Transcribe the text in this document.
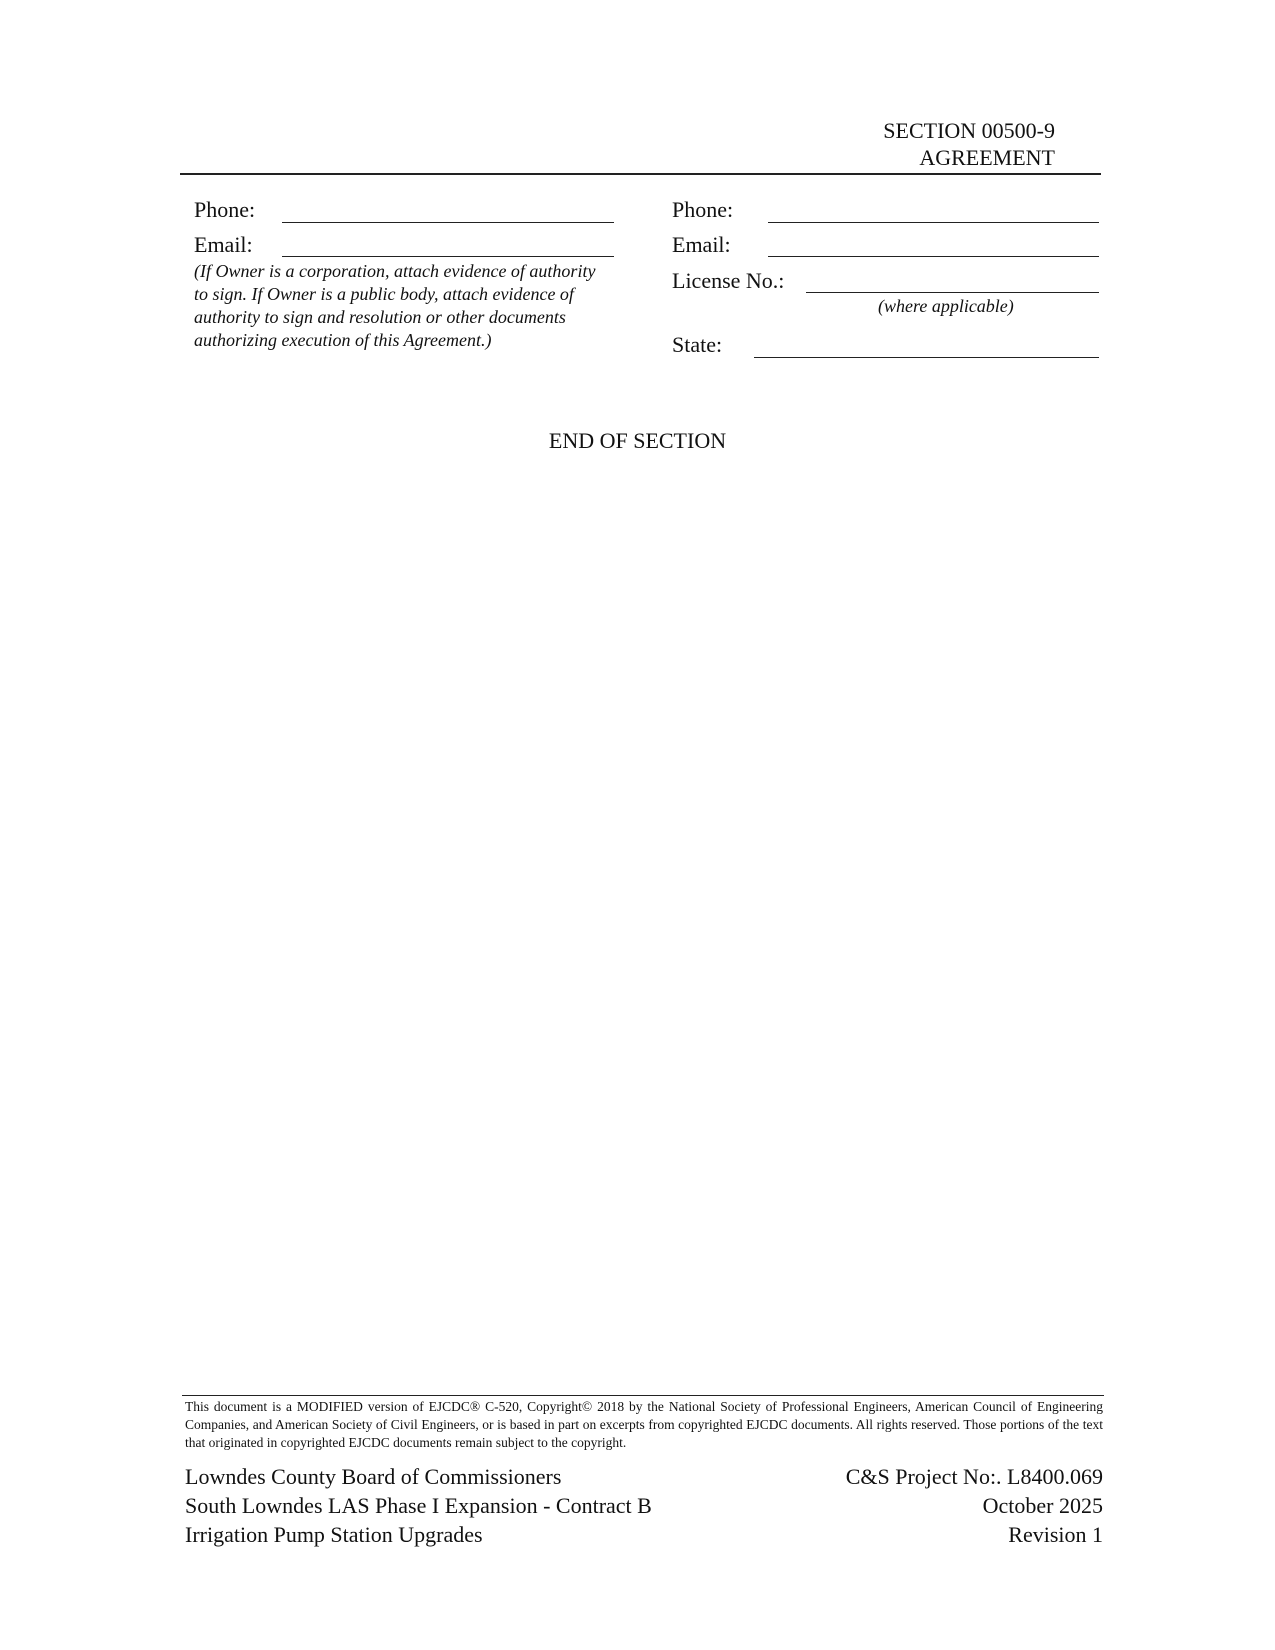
SECTION 00500-9
AGREEMENT
Phone:
Email:
(If Owner is a corporation, attach evidence of authority to sign. If Owner is a public body, attach evidence of authority to sign and resolution or other documents authorizing execution of this Agreement.)
Phone:
Email:
License No.:
(where applicable)
State:
END OF SECTION
This document is a MODIFIED version of EJCDC® C-520, Copyright© 2018 by the National Society of Professional Engineers, American Council of Engineering Companies, and American Society of Civil Engineers, or is based in part on excerpts from copyrighted EJCDC documents. All rights reserved. Those portions of the text that originated in copyrighted EJCDC documents remain subject to the copyright.
Lowndes County Board of Commissioners
South Lowndes LAS Phase I Expansion - Contract B
Irrigation Pump Station Upgrades
C&S Project No:. L8400.069
October 2025
Revision 1
